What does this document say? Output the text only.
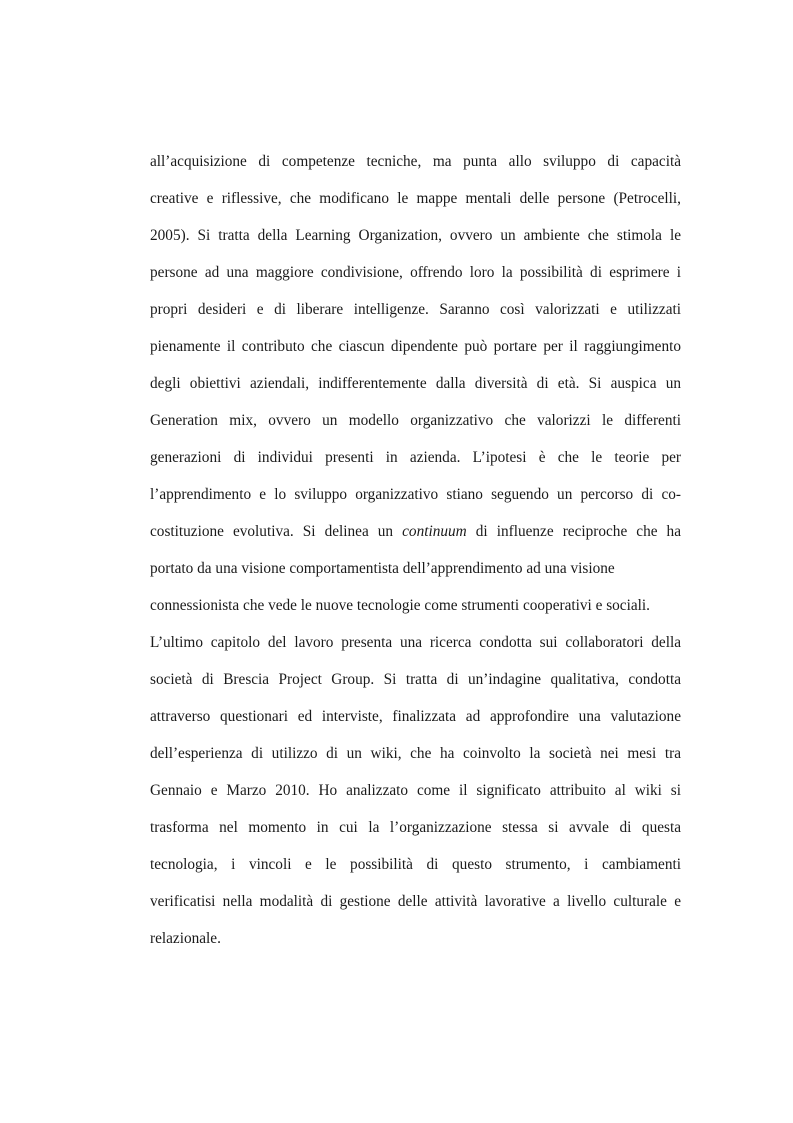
all’acquisizione di competenze tecniche, ma punta allo sviluppo di capacità
creative e riflessive, che modificano le mappe mentali delle persone (Petrocelli,
2005). Si tratta della Learning Organization, ovvero un ambiente che stimola le
persone ad una maggiore condivisione, offrendo loro la possibilità di esprimere i
propri desideri e di liberare intelligenze. Saranno così valorizzati e utilizzati
pienamente il contributo che ciascun dipendente può portare per il raggiungimento
degli obiettivi aziendali, indifferentemente dalla diversità di età. Si auspica un
Generation mix, ovvero un modello organizzativo che valorizzi le differenti
generazioni di individui presenti in azienda. L’ipotesi è che le teorie per
l’apprendimento e lo sviluppo organizzativo stiano seguendo un percorso di co-
costituzione evolutiva. Si delinea un continuum di influenze reciproche che ha
portato da una visione comportamentista dell’apprendimento ad una visione
connessionista che vede le nuove tecnologie come strumenti cooperativi e sociali.
L’ultimo capitolo del lavoro presenta una ricerca condotta sui collaboratori della
società di Brescia Project Group. Si tratta di un’indagine qualitativa, condotta
attraverso questionari ed interviste, finalizzata ad approfondire una valutazione
dell’esperienza di utilizzo di un wiki, che ha coinvolto la società nei mesi tra
Gennaio e Marzo 2010. Ho analizzato come il significato attribuito al wiki si
trasforma nel momento in cui la l’organizzazione stessa si avvale di questa
tecnologia, i vincoli e le possibilità di questo strumento, i cambiamenti
verificatisi nella modalità di gestione delle attività lavorative a livello culturale e
relazionale.
